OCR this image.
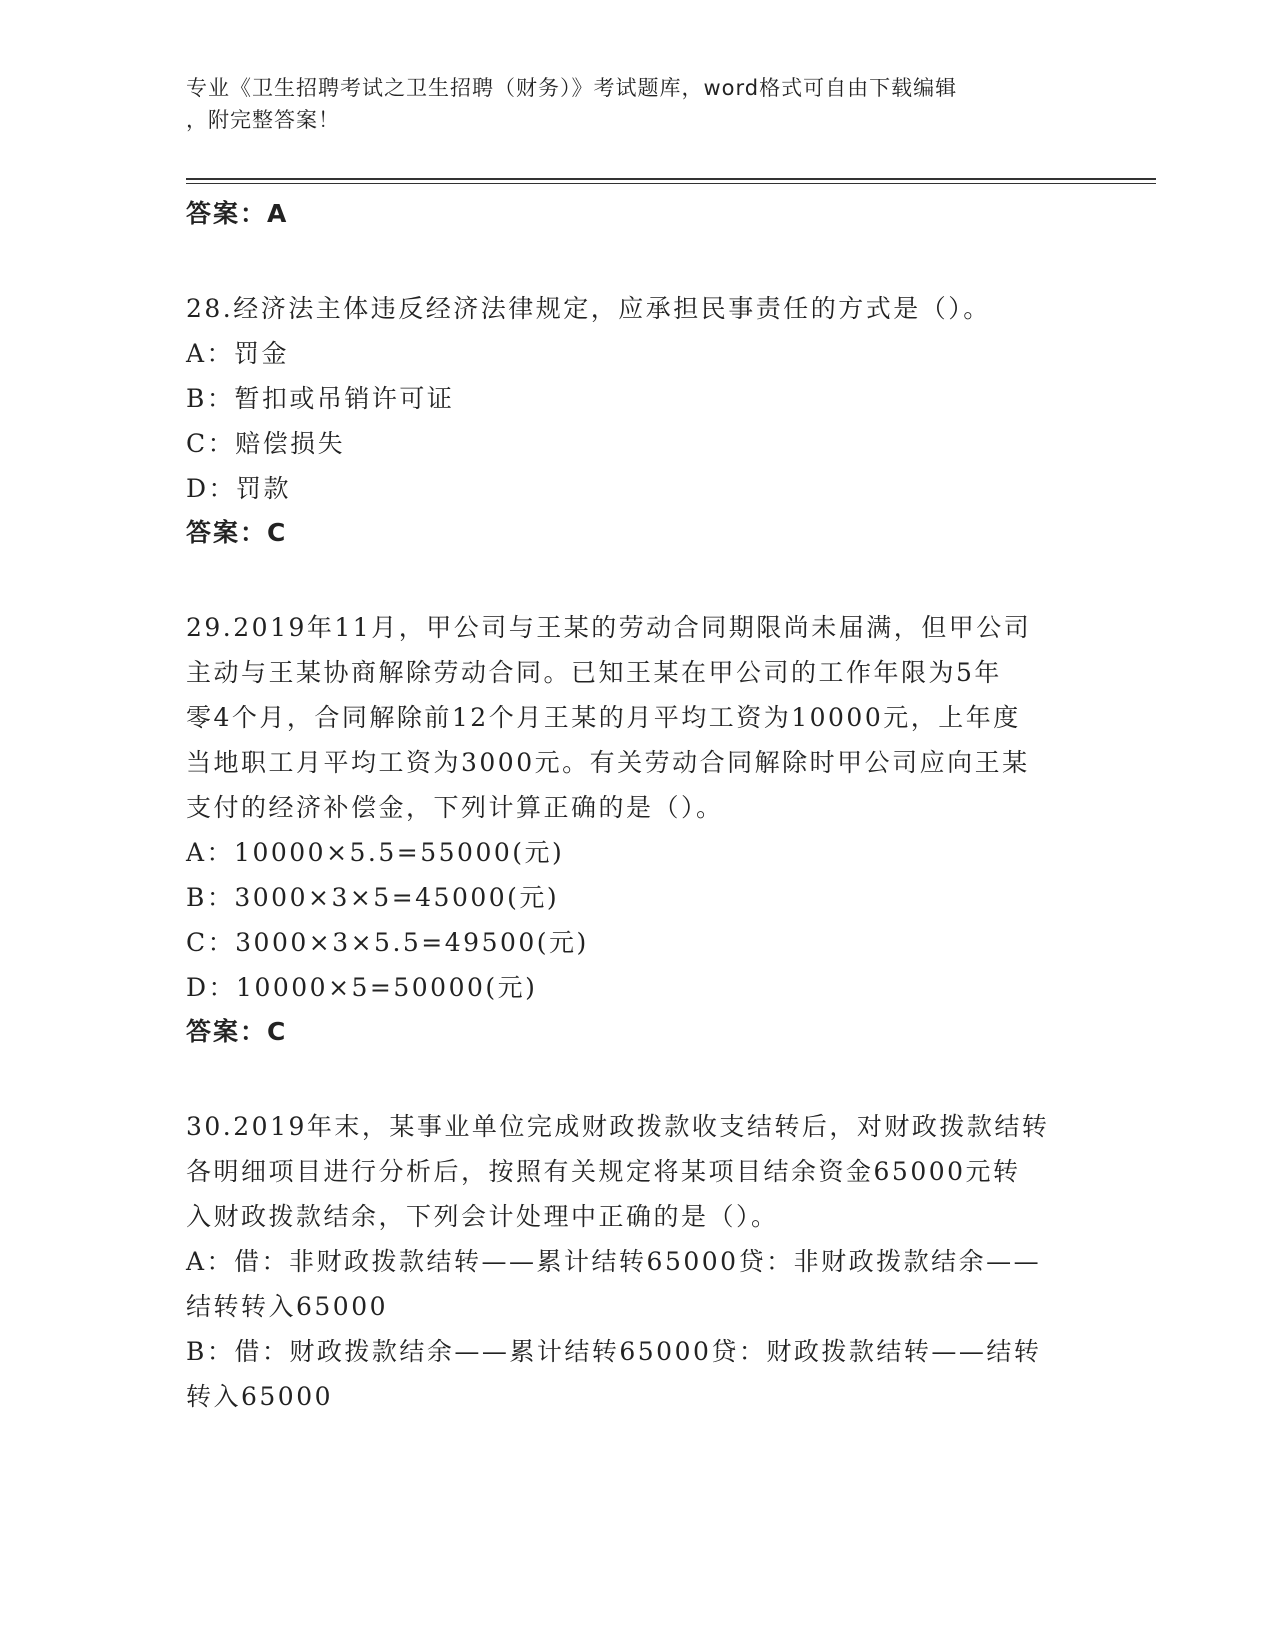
专业《卫生招聘考试之卫生招聘（财务）》考试题库，word格式可自由下载编辑
，附完整答案！
答案：A
28.经济法主体违反经济法律规定，应承担民事责任的方式是（）。
A：罚金
B：暂扣或吊销许可证
C：赔偿损失
D：罚款
答案：C
29.2019年11月，甲公司与王某的劳动合同期限尚未届满，但甲公司
主动与王某协商解除劳动合同。已知王某在甲公司的工作年限为5年
零4个月，合同解除前12个月王某的月平均工资为10000元，上年度
当地职工月平均工资为3000元。有关劳动合同解除时甲公司应向王某
支付的经济补偿金，下列计算正确的是（）。
A：10000×5.5=55000(元)
B：3000×3×5=45000(元)
C：3000×3×5.5=49500(元)
D：10000×5=50000(元)
答案：C
30.2019年末，某事业单位完成财政拨款收支结转后，对财政拨款结转
各明细项目进行分析后，按照有关规定将某项目结余资金65000元转
入财政拨款结余，下列会计处理中正确的是（）。
A：借：非财政拨款结转——累计结转65000贷：非财政拨款结余——
结转转入65000
B：借：财政拨款结余——累计结转65000贷：财政拨款结转——结转
转入65000
